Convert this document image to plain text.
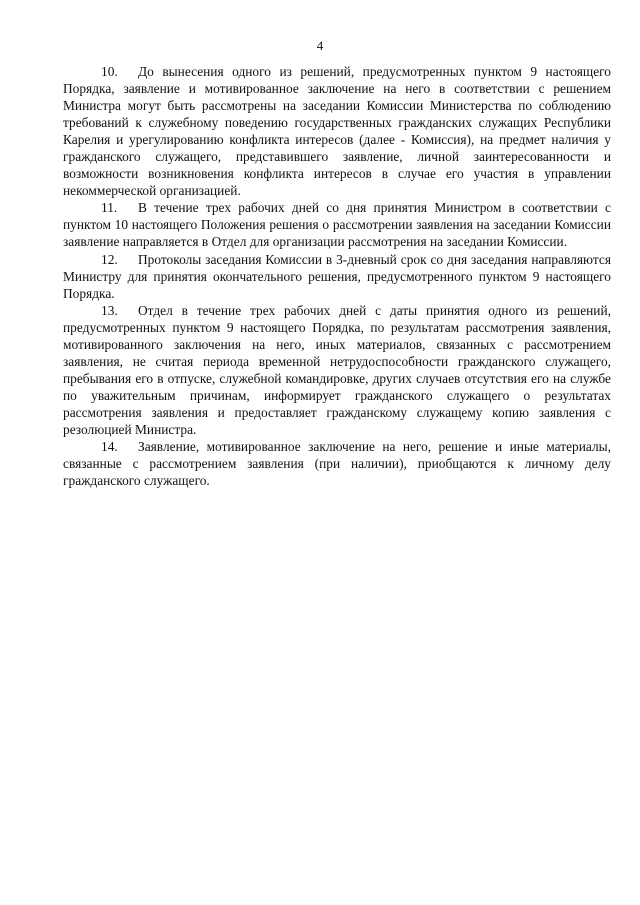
4

10. До вынесения одного из решений, предусмотренных пунктом 9 настоящего Порядка, заявление и мотивированное заключение на него в соответствии с решением Министра могут быть рассмотрены на заседании Комиссии Министерства по соблюдению требований к служебному поведению государственных гражданских служащих Республики Карелия и урегулированию конфликта интересов (далее - Комиссия), на предмет наличия у гражданского служащего, представившего заявление, личной заинтересованности и возможности возникновения конфликта интересов в случае его участия в управлении некоммерческой организацией.

11. В течение трех рабочих дней со дня принятия Министром в соответствии с пунктом 10 настоящего Положения решения о рассмотрении заявления на заседании Комиссии заявление направляется в Отдел для организации рассмотрения на заседании Комиссии.

12. Протоколы заседания Комиссии в 3-дневный срок со дня заседания направляются Министру для принятия окончательного решения, предусмотренного пунктом 9 настоящего Порядка.

13. Отдел в течение трех рабочих дней с даты принятия одного из решений, предусмотренных пунктом 9 настоящего Порядка, по результатам рассмотрения заявления, мотивированного заключения на него, иных материалов, связанных с рассмотрением заявления, не считая периода временной нетрудоспособности гражданского служащего, пребывания его в отпуске, служебной командировке, других случаев отсутствия его на службе по уважительным причинам, информирует гражданского служащего о результатах рассмотрения заявления и предоставляет гражданскому служащему копию заявления с резолюцией Министра.

14. Заявление, мотивированное заключение на него, решение и иные материалы, связанные с рассмотрением заявления (при наличии), приобщаются к личному делу гражданского служащего.
